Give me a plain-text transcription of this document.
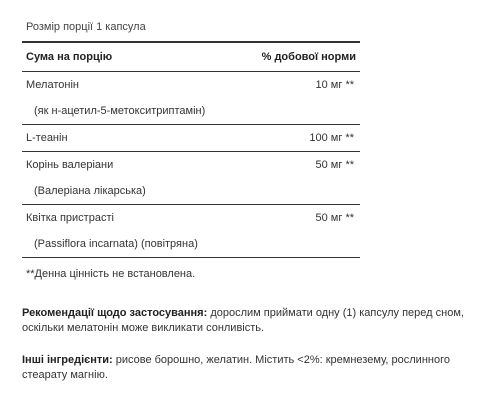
Розмір порції 1 капсула
Сума на порцію	% добової норми
Мелатонін	10 мг **
(як н-ацетил-5-метокситриптамін)
L-теанін	100 мг **
Корінь валеріани	50 мг **
(Валеріана лікарська)
Квітка пристрасті	50 мг **
(Passiflora incarnata) (повітряна)
**Денна цінність не встановлена.

Рекомендації щодо застосування: дорослим приймати одну (1) капсулу перед сном, оскільки мелатонін може викликати сонливість.

Інші інгредієнти: рисове борошно, желатин. Містить <2%: кремнезему, рослинного стеарату магнію.
